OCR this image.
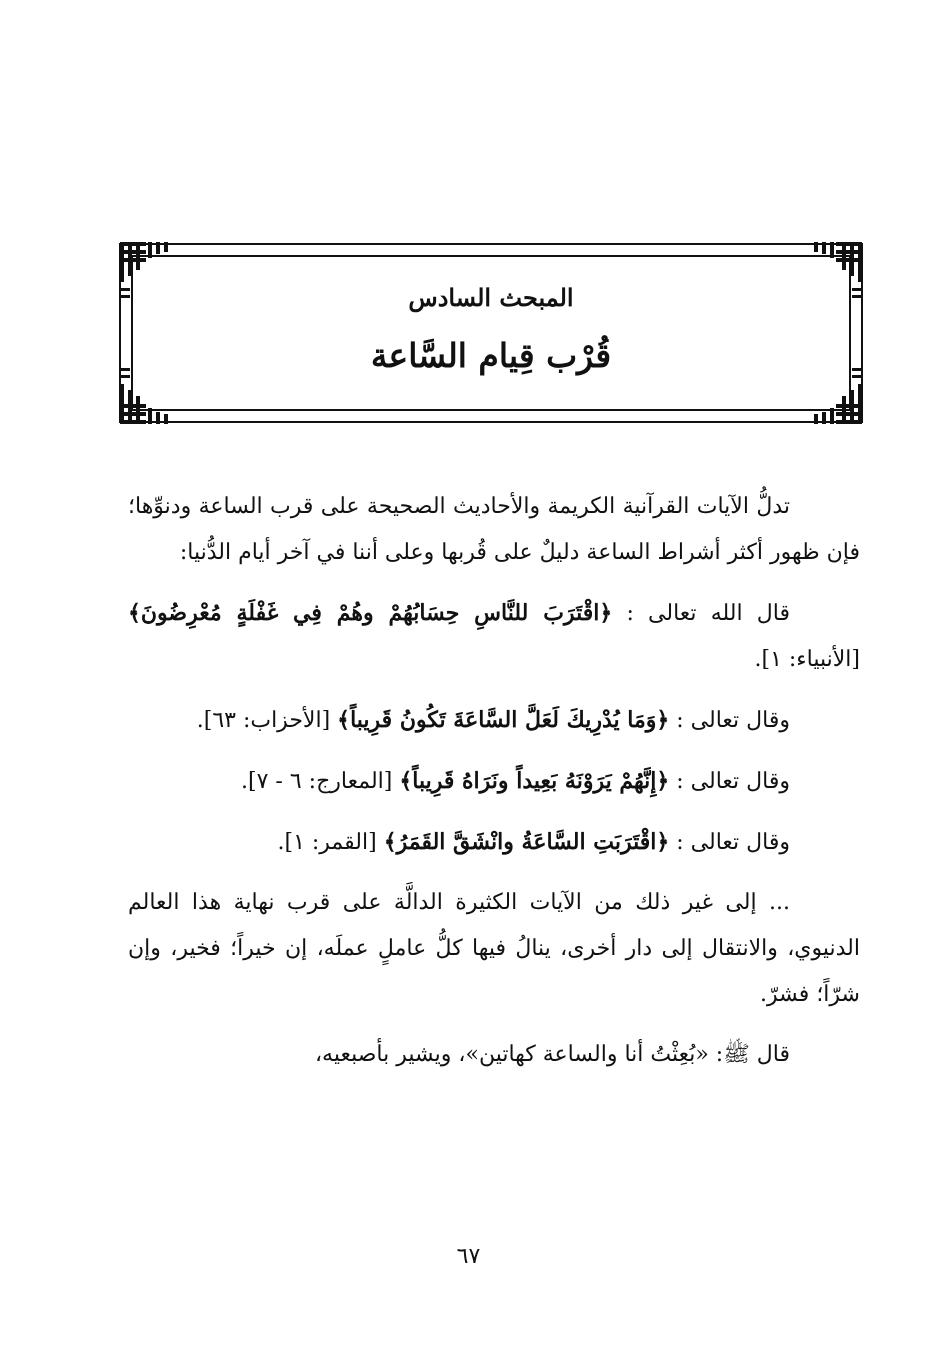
المبحث السادس
قُرْب قِيام السَّاعة

تدلُّ الآيات القرآنية الكريمة والأحاديث الصحيحة على قرب الساعة ودنوِّها؛ فإن ظهور أكثر أشراط الساعة دليلٌ على قُربها وعلى أننا في آخر أيام الدُّنيا:

قال الله تعالى : ﴿اقْتَرَبَ للنَّاسِ حِسَابُهُمْ وهُمْ فِي غَفْلَةٍ مُعْرِضُونَ﴾ [الأنبياء: ١].

وقال تعالى : ﴿وَمَا يُدْرِيكَ لَعَلَّ السَّاعَةَ تَكُونُ قَرِيباً﴾ [الأحزاب: ٦٣].

وقال تعالى : ﴿إِنَّهُمْ يَرَوْنَهُ بَعِيداً ونَرَاهُ قَرِيباً﴾ [المعارج: ٦ - ٧].

وقال تعالى : ﴿اقْتَرَبَتِ السَّاعَةُ وانْشَقَّ القَمَرُ﴾ [القمر: ١].

... إلى غير ذلك من الآيات الكثيرة الدالَّة على قرب نهاية هذا العالم الدنيوي، والانتقال إلى دار أخرى، ينالُ فيها كلُّ عاملٍ عملَه، إن خيراً؛ فخير، وإن شرّاً؛ فشرّ.

قال ﷺ: «بُعِثْتُ أنا والساعة كهاتين»، ويشير بأصبعيه،

٦٧
